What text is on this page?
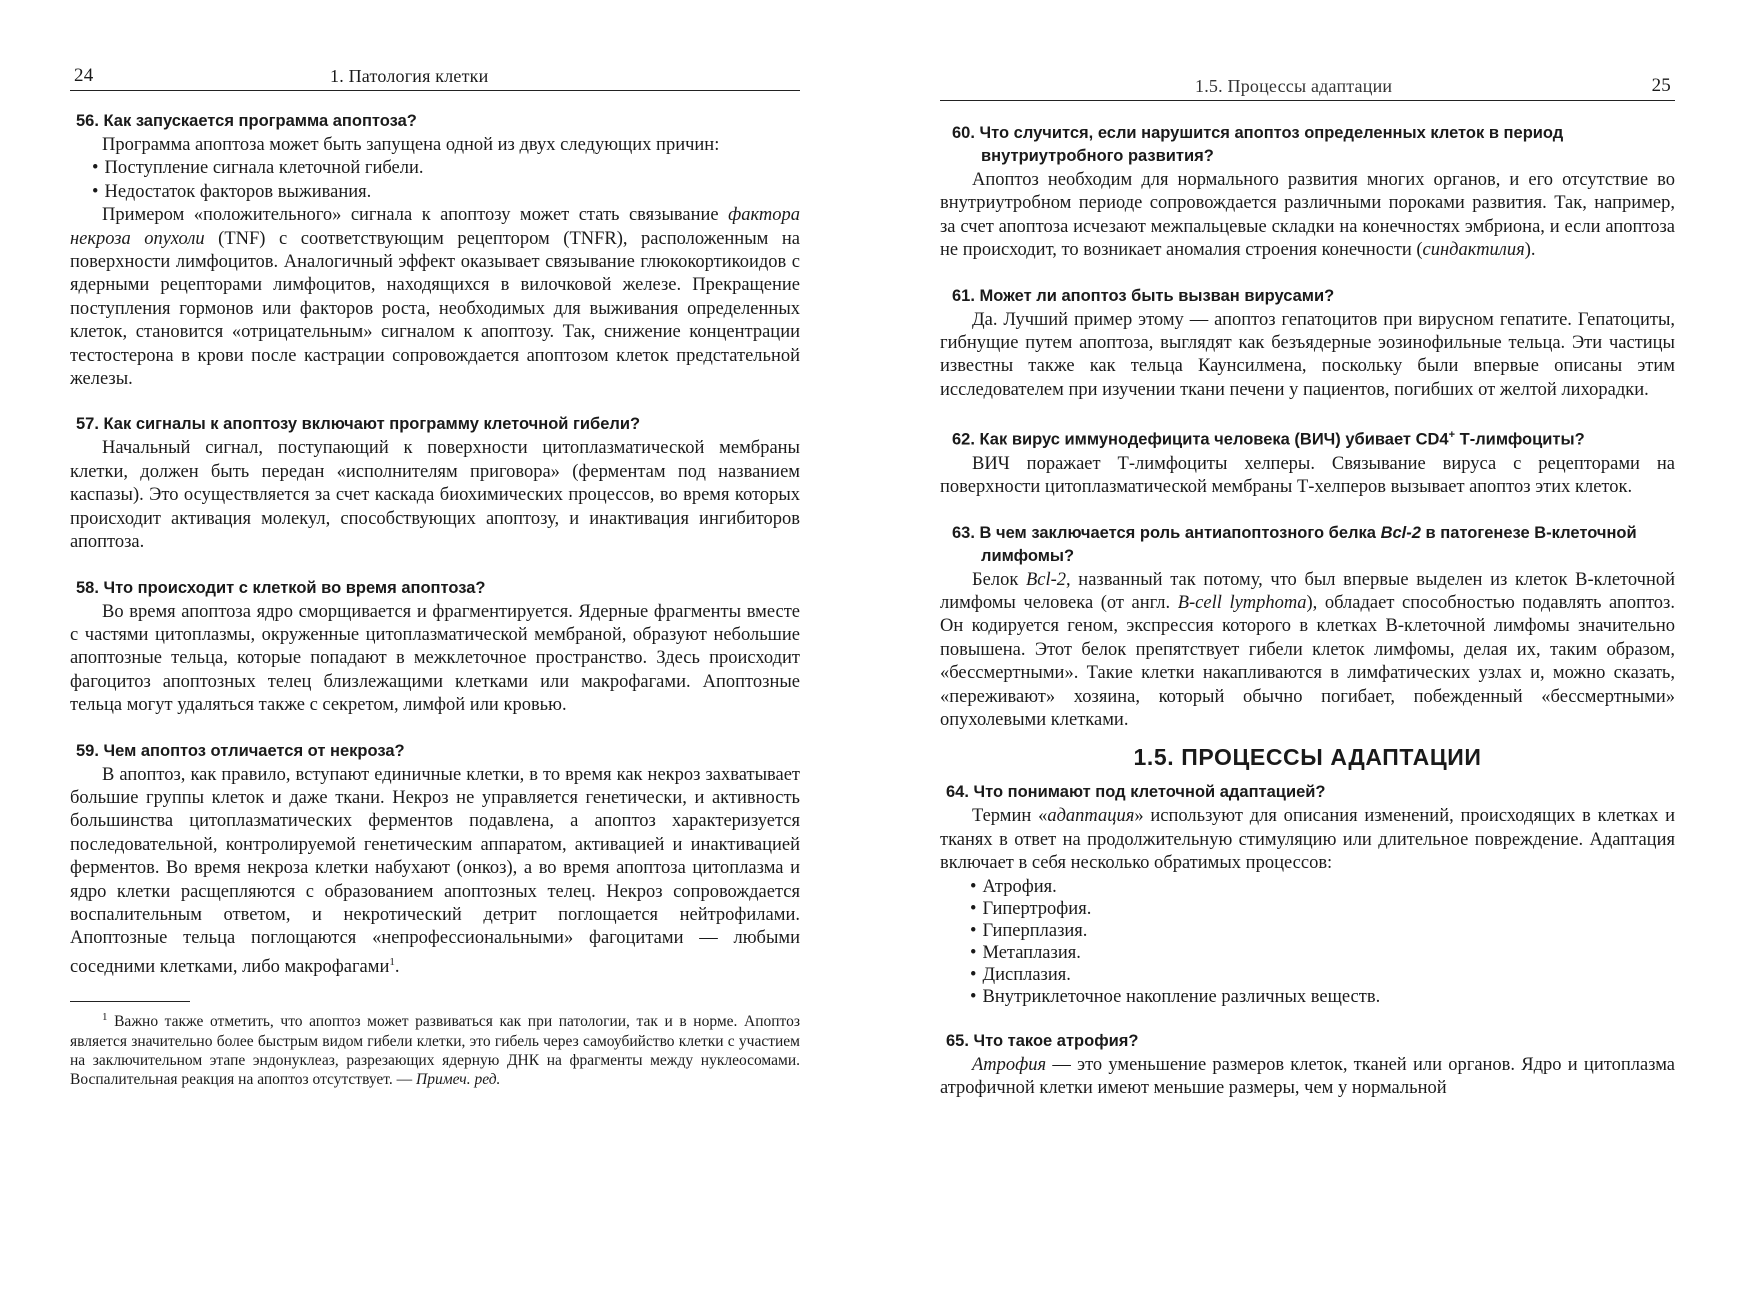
24	1. Патология клетки
56. Как запускается программа апоптоза?

Программа апоптоза может быть запущена одной из двух следующих причин:

• Поступление сигнала клеточной гибели.
• Недостаток факторов выживания.

Примером «положительного» сигнала к апоптозу может стать связывание фактора некроза опухоли (TNF) с соответствующим рецептором (TNFR), расположенным на поверхности лимфоцитов. Аналогичный эффект оказывает связывание глюкокортикоидов с ядерными рецепторами лимфоцитов, находящихся в вилочковой железе. Прекращение поступления гормонов или факторов роста, необходимых для выживания определенных клеток, становится «отрицательным» сигналом к апоптозу. Так, снижение концентрации тестостерона в крови после кастрации сопровождается апоптозом клеток предстательной железы.

57. Как сигналы к апоптозу включают программу клеточной гибели?

Начальный сигнал, поступающий к поверхности цитоплазматической мембраны клетки, должен быть передан «исполнителям приговора» (ферментам под названием каспазы). Это осуществляется за счет каскада биохимических процессов, во время которых происходит активация молекул, способствующих апоптозу, и инактивация ингибиторов апоптоза.

58. Что происходит с клеткой во время апоптоза?

Во время апоптоза ядро сморщивается и фрагментируется. Ядерные фрагменты вместе с частями цитоплазмы, окруженные цитоплазматической мембраной, образуют небольшие апоптозные тельца, которые попадают в межклеточное пространство. Здесь происходит фагоцитоз апоптозных телец близлежащими клетками или макрофагами. Апоптозные тельца могут удаляться также с секретом, лимфой или кровью.

59. Чем апоптоз отличается от некроза?

В апоптоз, как правило, вступают единичные клетки, в то время как некроз захватывает большие группы клеток и даже ткани. Некроз не управляется генетически, и активность большинства цитоплазматических ферментов подавлена, а апоптоз характеризуется последовательной, контролируемой генетическим аппаратом, активацией и инактивацией ферментов. Во время некроза клетки набухают (онкоз), а во время апоптоза цитоплазма и ядро клетки расщепляются с образованием апоптозных телец. Некроз сопровождается воспалительным ответом, и некротический детрит поглощается нейтрофилами. Апоптозные тельца поглощаются «непрофессиональными» фагоцитами — любыми соседними клетками, либо макрофагами$^1$.

$^1$ Важно также отметить, что апоптоз может развиваться как при патологии, так и в норме. Апоптоз является значительно более быстрым видом гибели клетки, это гибель через самоубийство клетки с участием на заключительном этапе эндонуклеаз, разрезающих ядерную ДНК на фрагменты между нуклеосомами. Воспалительная реакция на апоптоз отсутствует. — Примеч. ред.

1.5. Процессы адаптации	25
60. Что случится, если нарушится апоптоз определенных клеток в период внутриутробного развития?

Апоптоз необходим для нормального развития многих органов, и его отсутствие во внутриутробном периоде сопровождается различными пороками развития. Так, например, за счет апоптоза исчезают межпальцевые складки на конечностях эмбриона, и если апоптоза не происходит, то возникает аномалия строения конечности (синдактилия).

61. Может ли апоптоз быть вызван вирусами?

Да. Лучший пример этому — апоптоз гепатоцитов при вирусном гепатите. Гепатоциты, гибнущие путем апоптоза, выглядят как безъядерные эозинофильные тельца. Эти частицы известны также как тельца Каунсилмена, поскольку были впервые описаны этим исследователем при изучении ткани печени у пациентов, погибших от желтой лихорадки.

62. Как вирус иммунодефицита человека (ВИЧ) убивает CD4+ Т-лимфоциты?

ВИЧ поражает Т-лимфоциты хелперы. Связывание вируса с рецепторами на поверхности цитоплазматической мембраны Т-хелперов вызывает апоптоз этих клеток.

63. В чем заключается роль антиапоптозного белка Bcl-2 в патогенезе В-клеточной лимфомы?

Белок Bcl-2, названный так потому, что был впервые выделен из клеток В-клеточной лимфомы человека (от англ. B-cell lymphoma), обладает способностью подавлять апоптоз. Он кодируется геном, экспрессия которого в клетках В-клеточной лимфомы значительно повышена. Этот белок препятствует гибели клеток лимфомы, делая их, таким образом, «бессмертными». Такие клетки накапливаются в лимфатических узлах и, можно сказать, «переживают» хозяина, который обычно погибает, побежденный «бессмертными» опухолевыми клетками.

1.5. ПРОЦЕССЫ АДАПТАЦИИ
64. Что понимают под клеточной адаптацией?

Термин «адаптация» используют для описания изменений, происходящих в клетках и тканях в ответ на продолжительную стимуляцию или длительное повреждение. Адаптация включает в себя несколько обратимых процессов:

• Атрофия.
• Гипертрофия.
• Гиперплазия.
• Метаплазия.
• Дисплазия.
• Внутриклеточное накопление различных веществ.
65. Что такое атрофия?

Атрофия — это уменьшение размеров клеток, тканей или органов. Ядро и цитоплазма атрофичной клетки имеют меньшие размеры, чем у нормальной
